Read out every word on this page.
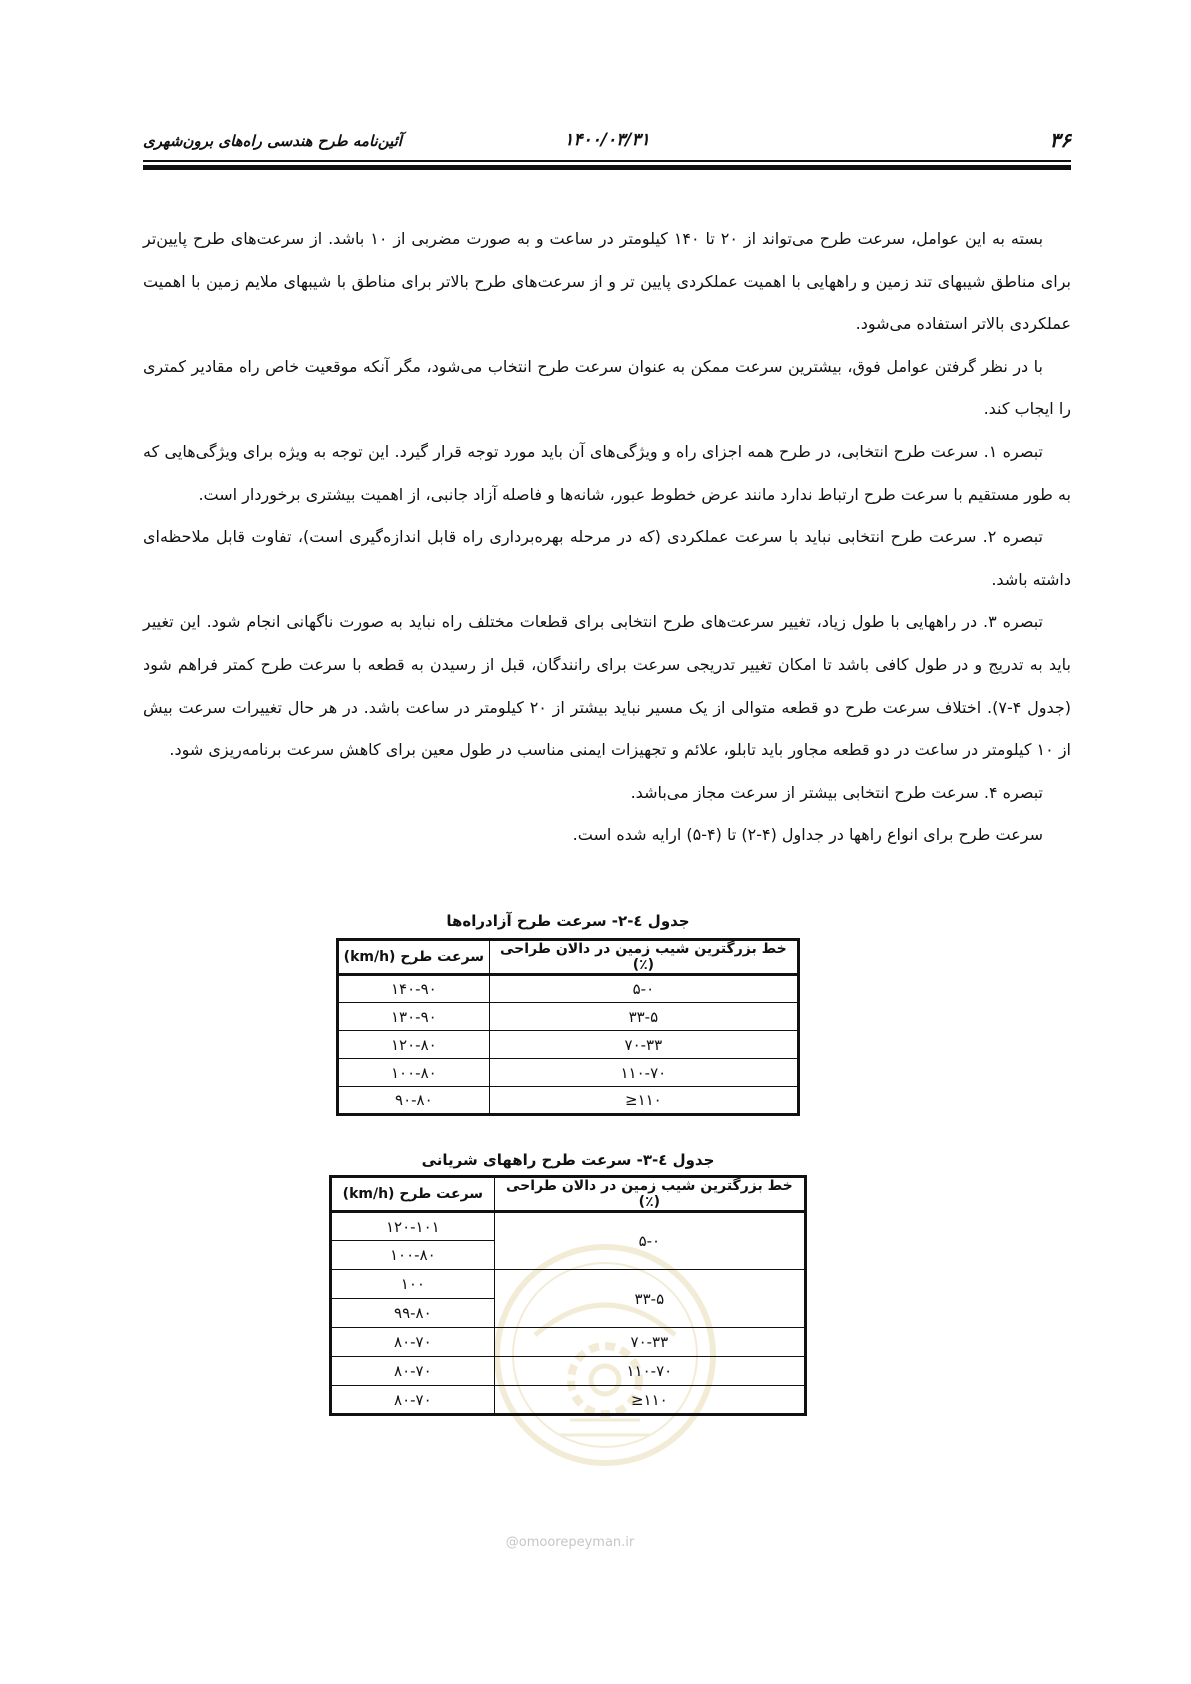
۳۶
۱۴۰۰/۰۳/۳۱
آئین‌نامه طرح هندسی راه‌های برون‌شهری

بسته به این عوامل، سرعت طرح می‌تواند از ۲۰ تا ۱۴۰ کیلومتر در ساعت و به صورت مضربی از ۱۰ باشد. از سرعت‌های طرح پایین‌تر برای مناطق شیبهای تند زمین و راههایی با اهمیت عملکردی پایین تر و از سرعت‌های طرح بالاتر برای مناطق با شیبهای ملایم زمین با اهمیت عملکردی بالاتر استفاده می‌شود.

با در نظر گرفتن عوامل فوق، بیشترین سرعت ممکن به عنوان سرعت طرح انتخاب می‌شود، مگر آنکه موقعیت خاص راه مقادیر کمتری را ایجاب کند.

تبصره ۱. سرعت طرح انتخابی، در طرح همه اجزای راه و ویژگی‌های آن باید مورد توجه قرار گیرد. این توجه به ویژه برای ویژگی‌هایی که به طور مستقیم با سرعت طرح ارتباط ندارد مانند عرض خطوط عبور، شانه‌ها و فاصله آزاد جانبی، از اهمیت بیشتری برخوردار است.

تبصره ۲. سرعت طرح انتخابی نباید با سرعت عملکردی (که در مرحله بهره‌برداری راه قابل اندازه‌گیری است)، تفاوت قابل ملاحظه‌ای داشته باشد.

تبصره ۳. در راههایی با طول زیاد، تغییر سرعت‌های طرح انتخابی برای قطعات مختلف راه نباید به صورت ناگهانی انجام شود. این تغییر باید به تدریج و در طول کافی باشد تا امکان تغییر تدریجی سرعت برای رانندگان، قبل از رسیدن به قطعه با سرعت طرح کمتر فراهم شود (جدول ۴-۷). اختلاف سرعت طرح دو قطعه متوالی از یک مسیر نباید بیشتر از ۲۰ کیلومتر در ساعت باشد. در هر حال تغییرات سرعت بیش از ۱۰ کیلومتر در ساعت در دو قطعه مجاور باید تابلو، علائم و تجهیزات ایمنی مناسب در طول معین برای کاهش سرعت برنامه‌ریزی شود.

تبصره ۴. سرعت طرح انتخابی بیشتر از سرعت مجاز می‌باشد.

سرعت طرح برای انواع راهها در جداول (۴-۲) تا (۴-۵) ارایه شده است.

جدول ٤-۲- سرعت طرح آزادراه‌ها
خط بزرگترین شیب زمین در دالان طراحی (٪)	سرعت طرح (km/h)
۵-۰	۱۴۰-۹۰
۳۳-۵	۱۳۰-۹۰
۷۰-۳۳	۱۲۰-۸۰
۱۱۰-۷۰	۱۰۰-۸۰
۱۱۰≤	۹۰-۸۰
@omoorepeyman.ir
جدول ٤-۳- سرعت طرح راههای شریانی
خط بزرگترین شیب زمین در دالان طراحی (٪)	سرعت طرح (km/h)
۵-۰	۱۲۰-۱۰۱
	۱۰۰-۸۰
۳۳-۵	۱۰۰
	۹۹-۸۰
۷۰-۳۳	۸۰-۷۰
۱۱۰-۷۰	۸۰-۷۰
۱۱۰≤	۸۰-۷۰
